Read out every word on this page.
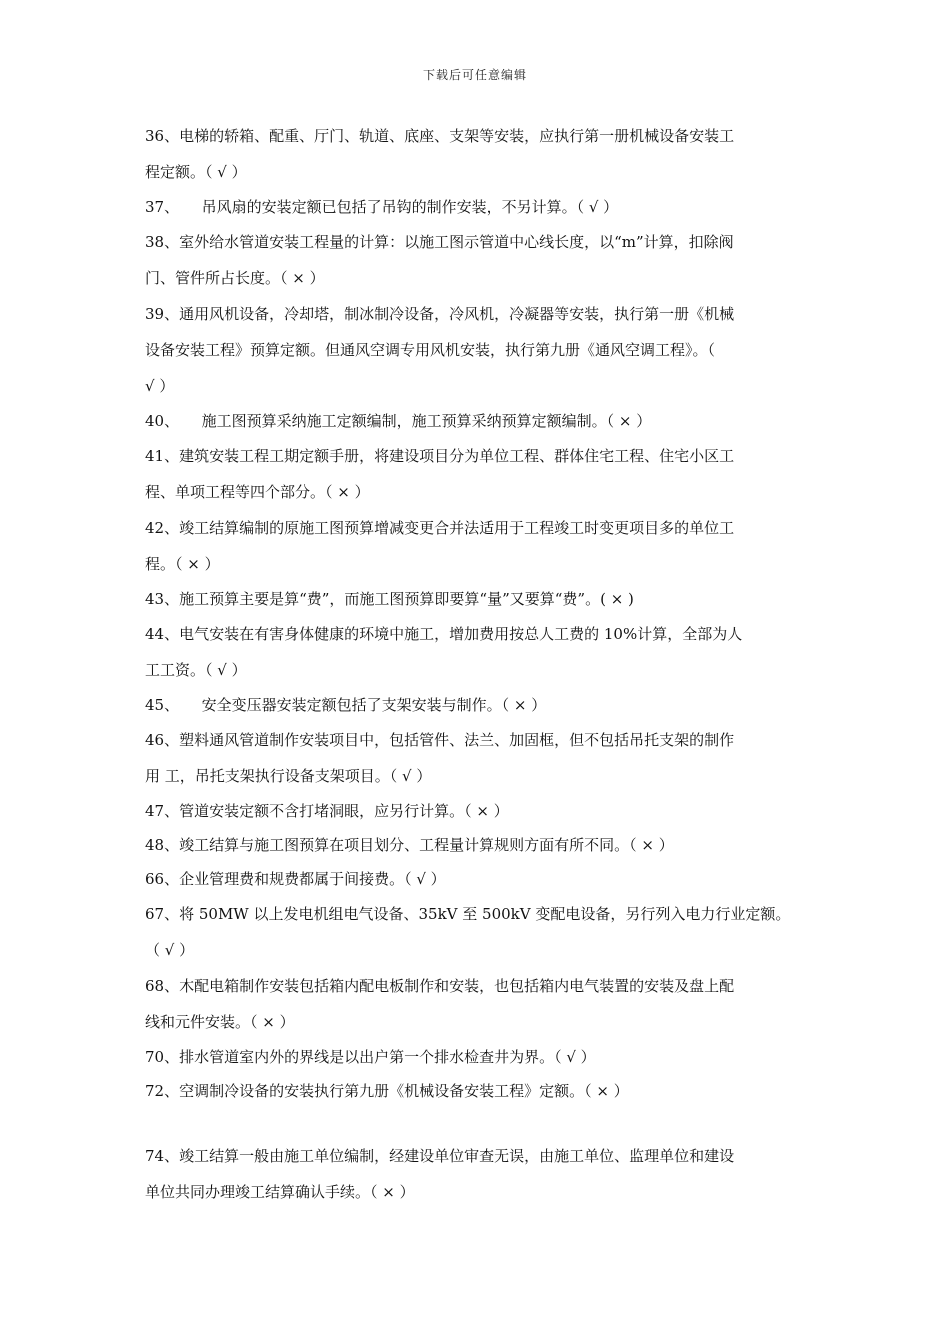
下载后可任意编辑
36、电梯的轿箱、配重、厅门、轨道、底座、支架等安装，应执行第一册机械设备安装工
程定额。（ √ ）
37、　　吊风扇的安装定额已包括了吊钩的制作安装，不另计算。（ √ ）
38、室外给水管道安装工程量的计算：以施工图示管道中心线长度，以“m”计算，扣除阀
门、管件所占长度。（ × ）
39、通用风机设备，冷却塔，制冰制冷设备，冷风机，冷凝器等安装，执行第一册《机械
设备安装工程》预算定额。但通风空调专用风机安装，执行第九册《通风空调工程》。（
√ ）
40、　　施工图预算采纳施工定额编制，施工预算采纳预算定额编制。（ × ）
41、建筑安装工程工期定额手册，将建设项目分为单位工程、群体住宅工程、住宅小区工
程、单项工程等四个部分。（ × ）
42、竣工结算编制的原施工图预算增减变更合并法适用于工程竣工时变更项目多的单位工
程。（ × ）
43、施工预算主要是算“费”，而施工图预算即要算“量”又要算“费”。( × )
44、电气安装在有害身体健康的环境中施工，增加费用按总人工费的 10%计算，全部为人
工工资。（ √ ）
45、　　安全变压器安装定额包括了支架安装与制作。（ × ）
46、塑料通风管道制作安装项目中，包括管件、法兰、加固框，但不包括吊托支架的制作
用 工，吊托支架执行设备支架项目。（ √ ）
47、管道安装定额不含打堵洞眼，应另行计算。（ × ）
48、竣工结算与施工图预算在项目划分、工程量计算规则方面有所不同。（ × ）
66、企业管理费和规费都属于间接费。（ √ ）
67、将 50MW 以上发电机组电气设备、35kV 至 500kV 变配电设备，另行列入电力行业定额。
（ √ ）
68、木配电箱制作安装包括箱内配电板制作和安装，也包括箱内电气装置的安装及盘上配
线和元件安装。（ × ）
70、排水管道室内外的界线是以出户第一个排水检查井为界。（ √ ）
72、空调制冷设备的安装执行第九册《机械设备安装工程》定额。（ × ）
74、竣工结算一般由施工单位编制，经建设单位审查无误，由施工单位、监理单位和建设
单位共同办理竣工结算确认手续。（ × ）
